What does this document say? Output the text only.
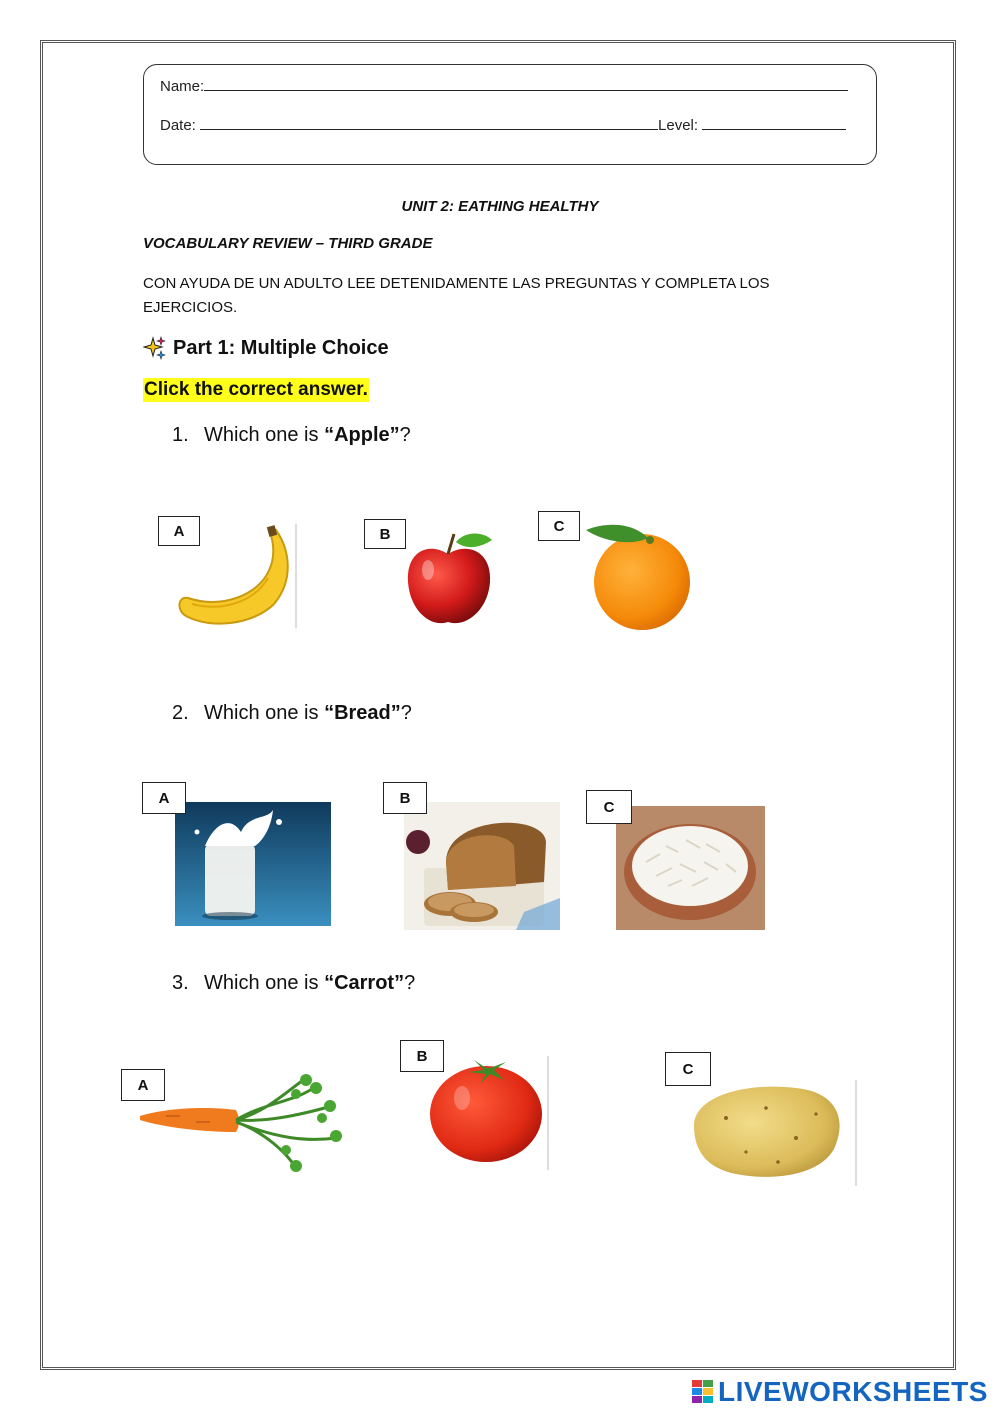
Name:
Date:	Level:
UNIT 2: EATHING HEALTHY
VOCABULARY REVIEW – THIRD GRADE
CON AYUDA DE UN ADULTO LEE DETENIDAMENTE LAS PREGUNTAS Y COMPLETA LOS EJERCICIOS.
Part 1: Multiple Choice
Click the correct answer.
1. Which one is “Apple”?
A	B	C
2. Which one is “Bread”?
A	B
C
3. Which one is “Carrot”?
A
B
C
LIVEWORKSHEETS
